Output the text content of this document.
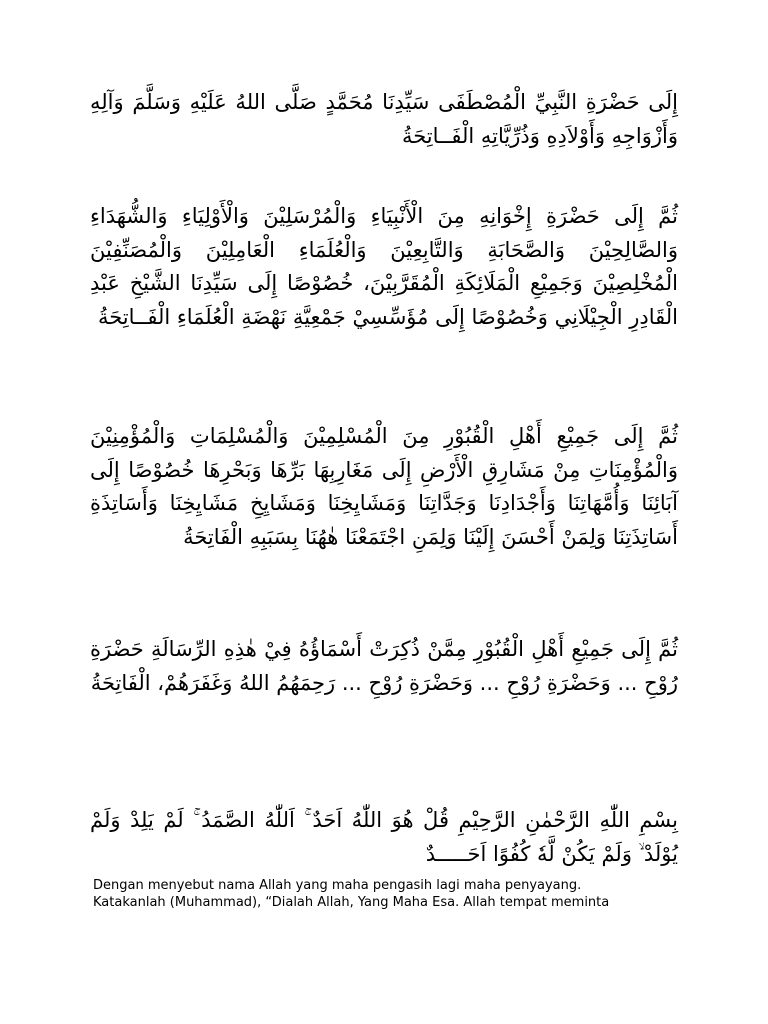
إِلَى حَضْرَةِ النَّبِيِّ الْمُصْطَفَى سَيِّدِنَا مُحَمَّدٍ صَلَّى اللهُ عَلَيْهِ وَسَلَّمَ وَآلِهِ وَأَزْوَاجِهِ وَأَوْلاَدِهِ وَذُرِّيَّاتِهِ الْفَــاتِحَةُ

ثُمَّ إِلَى حَضْرَةِ إِخْوَانِهِ مِنَ الْأَنْبِيَاءِ وَالْمُرْسَلِيْنَ وَالْأَوْلِيَاءِ وَالشُّهَدَاءِ وَالصَّالِحِيْنَ وَالصَّحَابَةِ وَالتَّابِعِيْنَ وَالْعُلَمَاءِ الْعَامِلِيْنَ وَالْمُصَنِّفِيْنَ الْمُخْلِصِيْنَ وَجَمِيْعِ الْمَلَائِكَةِ الْمُقَرَّبِيْنَ، خُصُوْصًا إِلَى سَيِّدِنَا الشَّيْخِ عَبْدِ الْقَادِرِ الْجِيْلَانِي وَخُصُوْصًا إِلَى مُؤَسِّسِيْ جَمْعِيَّةِ نَهْضَةِ الْعُلَمَاءِ الْفَــاتِحَةُ

ثُمَّ إِلَى جَمِيْعِ أَهْلِ الْقُبُوْرِ مِنَ الْمُسْلِمِيْنَ وَالْمُسْلِمَاتِ وَالْمُؤْمِنِيْنَ وَالْمُؤْمِنَاتِ مِنْ مَشَارِقِ الْأَرْضِ إِلَى مَغَارِبِهَا بَرِّهَا وَبَحْرِهَا خُصُوْصًا إِلَى آبَائِنَا وَأُمَّهَاتِنَا وَأَجْدَادِنَا وَجَدَّاتِنَا وَمَشَايِخِنَا وَمَشَايِخِ مَشَايِخِنَا وَأَسَاتِذَةِ أَسَاتِذَتِنَا وَلِمَنْ أَحْسَنَ إِلَيْنَا وَلِمَنِ اجْتَمَعْنَا هٰهُنَا بِسَبَبِهِ الْفَاتِحَةُ

ثُمَّ إِلَى جَمِيْعِ أَهْلِ الْقُبُوْرِ مِمَّنْ ذُكِرَتْ أَسْمَاؤُهُ فِيْ هٰذِهِ الرِّسَالَةِ حَضْرَةِ رُوْحِ ... وَحَضْرَةِ رُوْحِ ... وَحَضْرَةِ رُوْحِ ... رَحِمَهُمُ اللهُ وَغَفَرَهُمْ، الْفَاتِحَةُ

بِسْمِ اللّٰهِ الرَّحْمٰنِ الرَّحِيْمِ قُلْ هُوَ اللّٰهُ اَحَدٌ ۚ اَللّٰهُ الصَّمَدُ ۚ لَمْ يَلِدْ وَلَمْ يُوْلَدْ ۙ وَلَمْ يَكُنْ لَّهٗ كُفُوًا اَحَـــــدٌ

Dengan menyebut nama Allah yang maha pengasih lagi maha penyayang.
Katakanlah (Muhammad), “Dialah Allah, Yang Maha Esa. Allah tempat meminta
